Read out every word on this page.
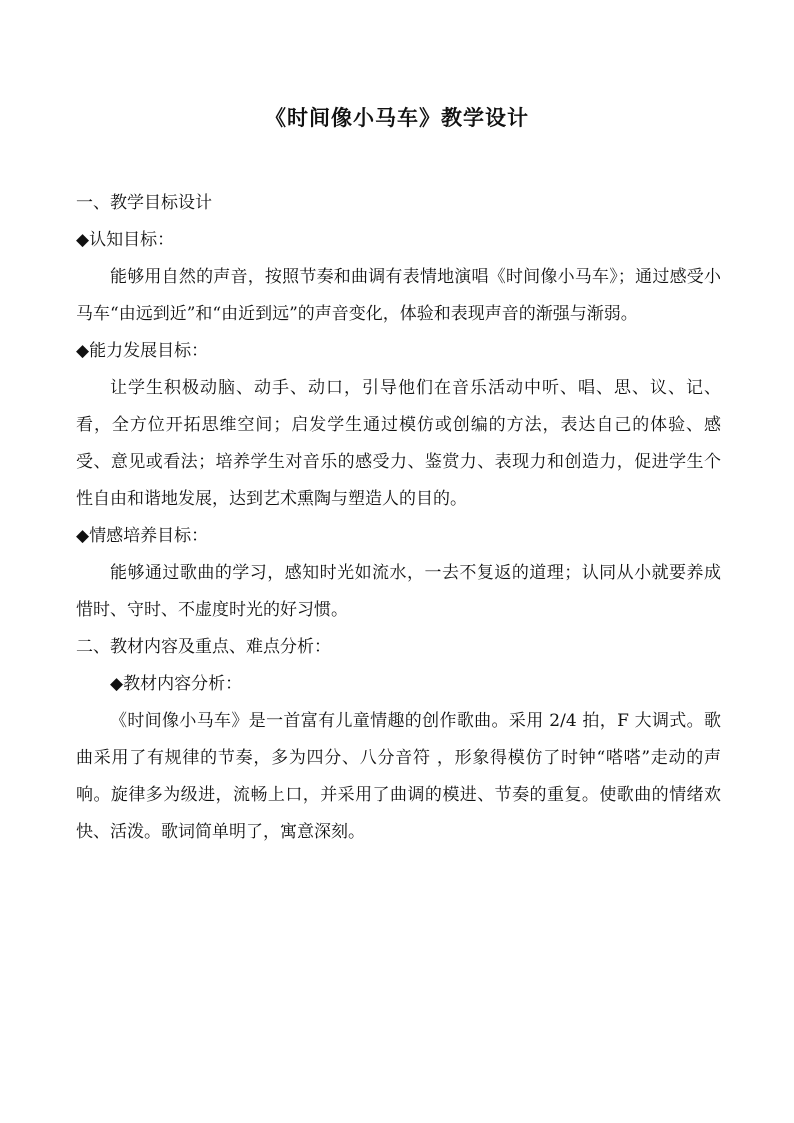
《时间像小马车》教学设计

一、教学目标设计

◆认知目标：

能够用自然的声音，按照节奏和曲调有表情地演唱《时间像小马车》；通过感受小马车“由远到近”和“由近到远”的声音变化，体验和表现声音的渐强与渐弱。

◆能力发展目标：

让学生积极动脑、动手、动口，引导他们在音乐活动中听、唱、思、议、记、看，全方位开拓思维空间；启发学生通过模仿或创编的方法，表达自己的体验、感受、意见或看法；培养学生对音乐的感受力、鉴赏力、表现力和创造力，促进学生个性自由和谐地发展，达到艺术熏陶与塑造人的目的。

◆情感培养目标：

能够通过歌曲的学习，感知时光如流水，一去不复返的道理；认同从小就要养成惜时、守时、不虚度时光的好习惯。

二、教材内容及重点、难点分析：

◆教材内容分析：

《时间像小马车》是一首富有儿童情趣的创作歌曲。采用 2/4 拍，F 大调式。歌曲采用了有规律的节奏，多为四分、八分音符 ，形象得模仿了时钟“嗒嗒”走动的声响。旋律多为级进，流畅上口，并采用了曲调的模进、节奏的重复。使歌曲的情绪欢快、活泼。歌词简单明了，寓意深刻。
